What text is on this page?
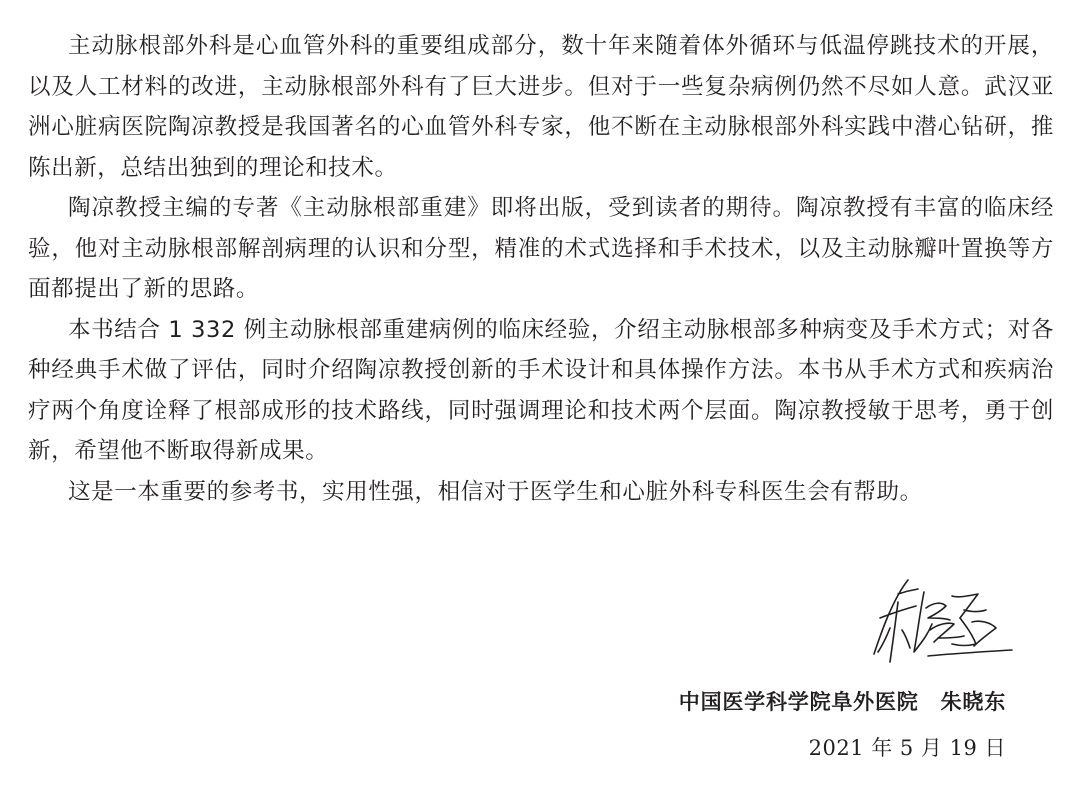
主动脉根部外科是心血管外科的重要组成部分，数十年来随着体外循环与低温停跳技术的开展，以及人工材料的改进，主动脉根部外科有了巨大进步。但对于一些复杂病例仍然不尽如人意。武汉亚洲心脏病医院陶凉教授是我国著名的心血管外科专家，他不断在主动脉根部外科实践中潜心钻研，推陈出新，总结出独到的理论和技术。

陶凉教授主编的专著《主动脉根部重建》即将出版，受到读者的期待。陶凉教授有丰富的临床经验，他对主动脉根部解剖病理的认识和分型，精准的术式选择和手术技术，以及主动脉瓣叶置换等方面都提出了新的思路。

本书结合 1 332 例主动脉根部重建病例的临床经验，介绍主动脉根部多种病变及手术方式；对各种经典手术做了评估，同时介绍陶凉教授创新的手术设计和具体操作方法。本书从手术方式和疾病治疗两个角度诠释了根部成形的技术路线，同时强调理论和技术两个层面。陶凉教授敏于思考，勇于创新，希望他不断取得新成果。

这是一本重要的参考书，实用性强，相信对于医学生和心脏外科专科医生会有帮助。

中国医学科学院阜外医院 朱晓东
2021 年 5 月 19 日
